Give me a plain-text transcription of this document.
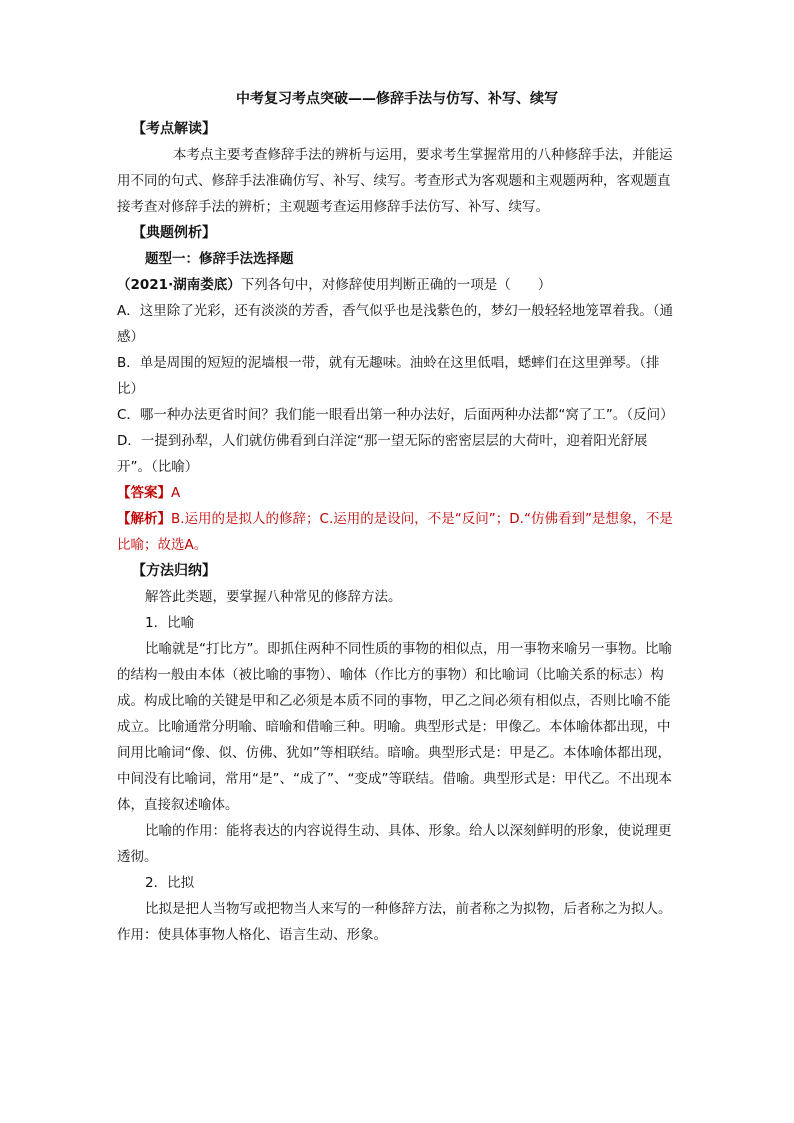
中考复习考点突破——修辞手法与仿写、补写、续写
【考点解读】
本考点主要考查修辞手法的辨析与运用，要求考生掌握常用的八种修辞手法，并能运用不同的句式、修辞手法准确仿写、补写、续写。考查形式为客观题和主观题两种，客观题直接考查对修辞手法的辨析；主观题考查运用修辞手法仿写、补写、续写。
【典题例析】
题型一：修辞手法选择题
（2021·湖南娄底）下列各句中，对修辞使用判断正确的一项是（　　）
A．这里除了光彩，还有淡淡的芳香，香气似乎也是浅紫色的，梦幻一般轻轻地笼罩着我。（通感）
B．单是周围的短短的泥墙根一带，就有无趣味。油蛉在这里低唱，蟋蟀们在这里弹琴。（排比）
C．哪一种办法更省时间？我们能一眼看出第一种办法好，后面两种办法都“窝了工”。（反问）
D．一提到孙犁，人们就仿佛看到白洋淀“那一望无际的密密层层的大荷叶，迎着阳光舒展开”。（比喻）
【答案】A
【解析】B.运用的是拟人的修辞；C.运用的是设问，不是“反问”；D.“仿佛看到”是想象，不是比喻；故选A。
【方法归纳】
解答此类题，要掌握八种常见的修辞方法。
1．比喻
比喻就是“打比方”。即抓住两种不同性质的事物的相似点，用一事物来喻另一事物。比喻的结构一般由本体（被比喻的事物）、喻体（作比方的事物）和比喻词（比喻关系的标志）构成。构成比喻的关键是甲和乙必须是本质不同的事物，甲乙之间必须有相似点，否则比喻不能成立。比喻通常分明喻、暗喻和借喻三种。明喻。典型形式是：甲像乙。本体喻体都出现，中间用比喻词“像、似、仿佛、犹如”等相联结。暗喻。典型形式是：甲是乙。本体喻体都出现，中间没有比喻词，常用“是”、“成了”、“变成”等联结。借喻。典型形式是：甲代乙。不出现本体，直接叙述喻体。
比喻的作用：能将表达的内容说得生动、具体、形象。给人以深刻鲜明的形象，使说理更透彻。
2．比拟
比拟是把人当物写或把物当人来写的一种修辞方法，前者称之为拟物，后者称之为拟人。作用：使具体事物人格化、语言生动、形象。
